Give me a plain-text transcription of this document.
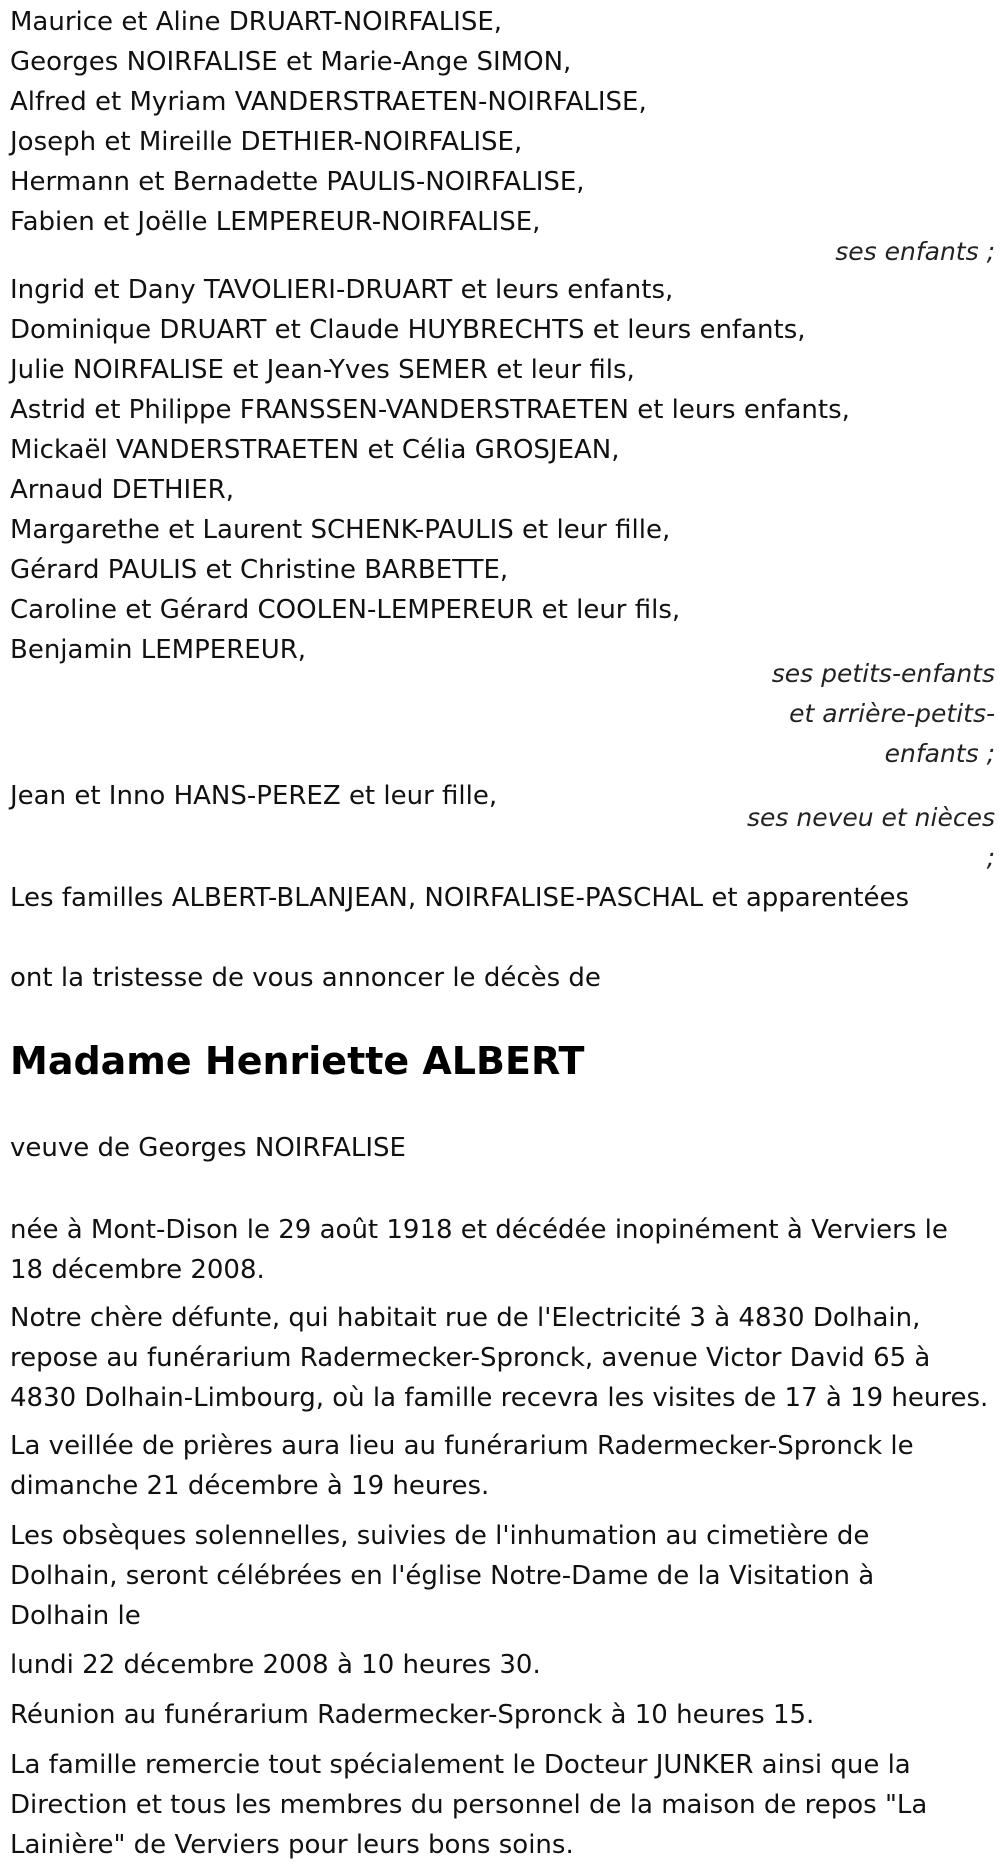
Maurice et Aline DRUART-NOIRFALISE,
Georges NOIRFALISE et Marie-Ange SIMON,
Alfred et Myriam VANDERSTRAETEN-NOIRFALISE,
Joseph et Mireille DETHIER-NOIRFALISE,
Hermann et Bernadette PAULIS-NOIRFALISE,
Fabien et Joëlle LEMPEREUR-NOIRFALISE,
ses enfants ;
Ingrid et Dany TAVOLIERI-DRUART et leurs enfants,
Dominique DRUART et Claude HUYBRECHTS et leurs enfants,
Julie NOIRFALISE et Jean-Yves SEMER et leur fils,
Astrid et Philippe FRANSSEN-VANDERSTRAETEN et leurs enfants,
Mickaël VANDERSTRAETEN et Célia GROSJEAN,
Arnaud DETHIER,
Margarethe et Laurent SCHENK-PAULIS et leur fille,
Gérard PAULIS et Christine BARBETTE,
Caroline et Gérard COOLEN-LEMPEREUR et leur fils,
Benjamin LEMPEREUR,
ses petits-enfants
et arrière-petits-
enfants ;
Jean et Inno HANS-PEREZ et leur fille,
ses neveu et nièces
;
Les familles ALBERT-BLANJEAN, NOIRFALISE-PASCHAL et apparentées
ont la tristesse de vous annoncer le décès de
Madame Henriette ALBERT
veuve de Georges NOIRFALISE
née à Mont-Dison le 29 août 1918 et décédée inopinément à Verviers le
18 décembre 2008.
Notre chère défunte, qui habitait rue de l'Electricité 3 à 4830 Dolhain,
repose au funérarium Radermecker-Spronck, avenue Victor David 65 à
4830 Dolhain-Limbourg, où la famille recevra les visites de 17 à 19 heures.
La veillée de prières aura lieu au funérarium Radermecker-Spronck le
dimanche 21 décembre à 19 heures.
Les obsèques solennelles, suivies de l'inhumation au cimetière de
Dolhain, seront célébrées en l'église Notre-Dame de la Visitation à
Dolhain le
lundi 22 décembre 2008 à 10 heures 30.
Réunion au funérarium Radermecker-Spronck à 10 heures 15.
La famille remercie tout spécialement le Docteur JUNKER ainsi que la
Direction et tous les membres du personnel de la maison de repos "La
Lainière" de Verviers pour leurs bons soins.
